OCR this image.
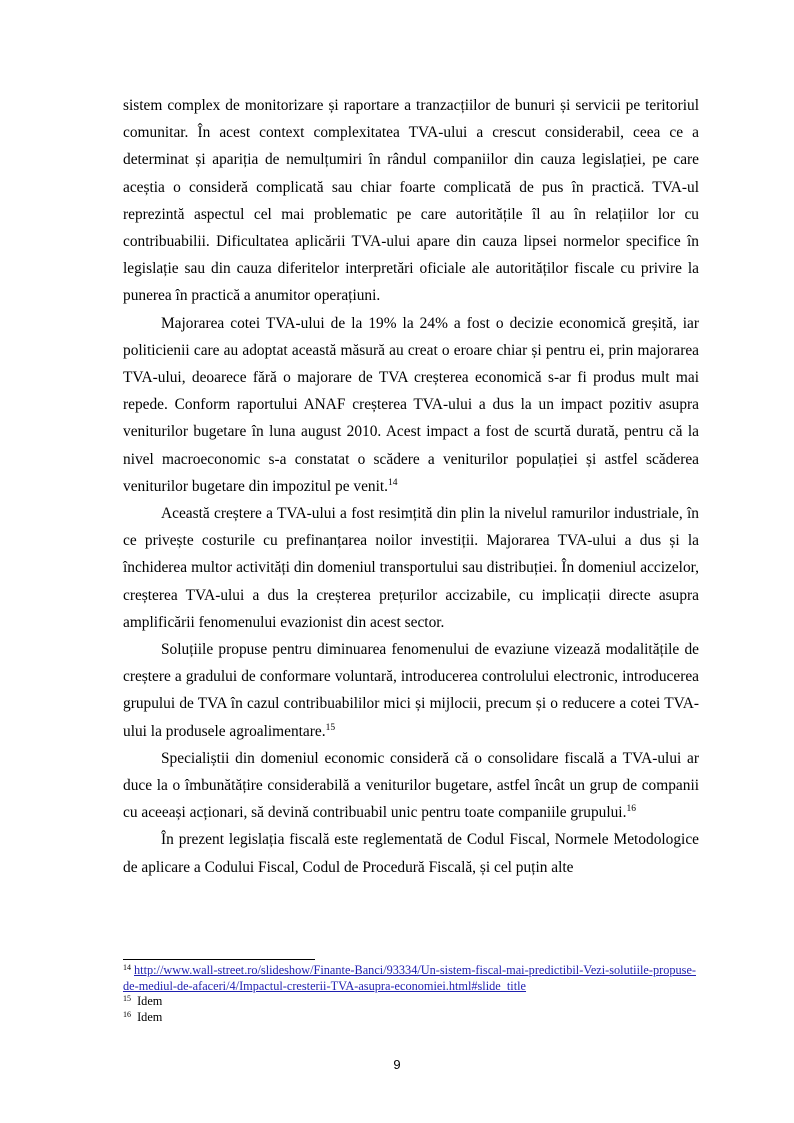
sistem complex de monitorizare și raportare a tranzacțiilor de bunuri și servicii pe teritoriul comunitar. În acest context complexitatea TVA-ului a crescut considerabil, ceea ce a determinat și apariția de nemulțumiri în rândul companiilor din cauza legislației, pe care aceștia o consideră complicată sau chiar foarte complicată de pus în practică. TVA-ul reprezintă aspectul cel mai problematic pe care autoritățile îl au în relațiilor lor cu contribuabilii. Dificultatea aplicării TVA-ului apare din cauza lipsei normelor specifice în legislație sau din cauza diferitelor interpretări oficiale ale autorităților fiscale cu privire la punerea în practică a anumitor operațiuni.

Majorarea cotei TVA-ului de la 19% la 24% a fost o decizie economică greșită, iar politicienii care au adoptat această măsură au creat o eroare chiar și pentru ei, prin majorarea TVA-ului, deoarece fără o majorare de TVA creșterea economică s-ar fi produs mult mai repede. Conform raportului ANAF creșterea TVA-ului a dus la un impact pozitiv asupra veniturilor bugetare în luna august 2010. Acest impact a fost de scurtă durată, pentru că la nivel macroeconomic s-a constatat o scădere a veniturilor populației și astfel scăderea veniturilor bugetare din impozitul pe venit.$^{14}$

Această creștere a TVA-ului a fost resimțită din plin la nivelul ramurilor industriale, în ce privește costurile cu prefinanțarea noilor investiții. Majorarea TVA-ului a dus și la închiderea multor activități din domeniul transportului sau distribuției. În domeniul accizelor, creșterea TVA-ului a dus la creșterea prețurilor accizabile, cu implicații directe asupra amplificării fenomenului evazionist din acest sector.

Soluțiile propuse pentru diminuarea fenomenului de evaziune vizează modalitățile de creștere a gradului de conformare voluntară, introducerea controlului electronic, introducerea grupului de TVA în cazul contribuabililor mici și mijlocii, precum și o reducere a cotei TVA-ului la produsele agroalimentare.$^{15}$

Specialiștii din domeniul economic consideră că o consolidare fiscală a TVA-ului ar duce la o îmbunătățire considerabilă a veniturilor bugetare, astfel încât un grup de companii cu aceeași acționari, să devină contribuabil unic pentru toate companiile grupului.$^{16}$

În prezent legislația fiscală este reglementată de Codul Fiscal, Normele Metodologice de aplicare a Codului Fiscal, Codul de Procedură Fiscală, și cel puțin alte

$^{14}$ http://www.wall-street.ro/slideshow/Finante-Banci/93334/Un-sistem-fiscal-mai-predictibil-Vezi-solutiile-propuse-de-mediul-de-afaceri/4/Impactul-cresterii-TVA-asupra-economiei.html#slide_title

$^{15}$ Idem

$^{16}$ Idem

9
